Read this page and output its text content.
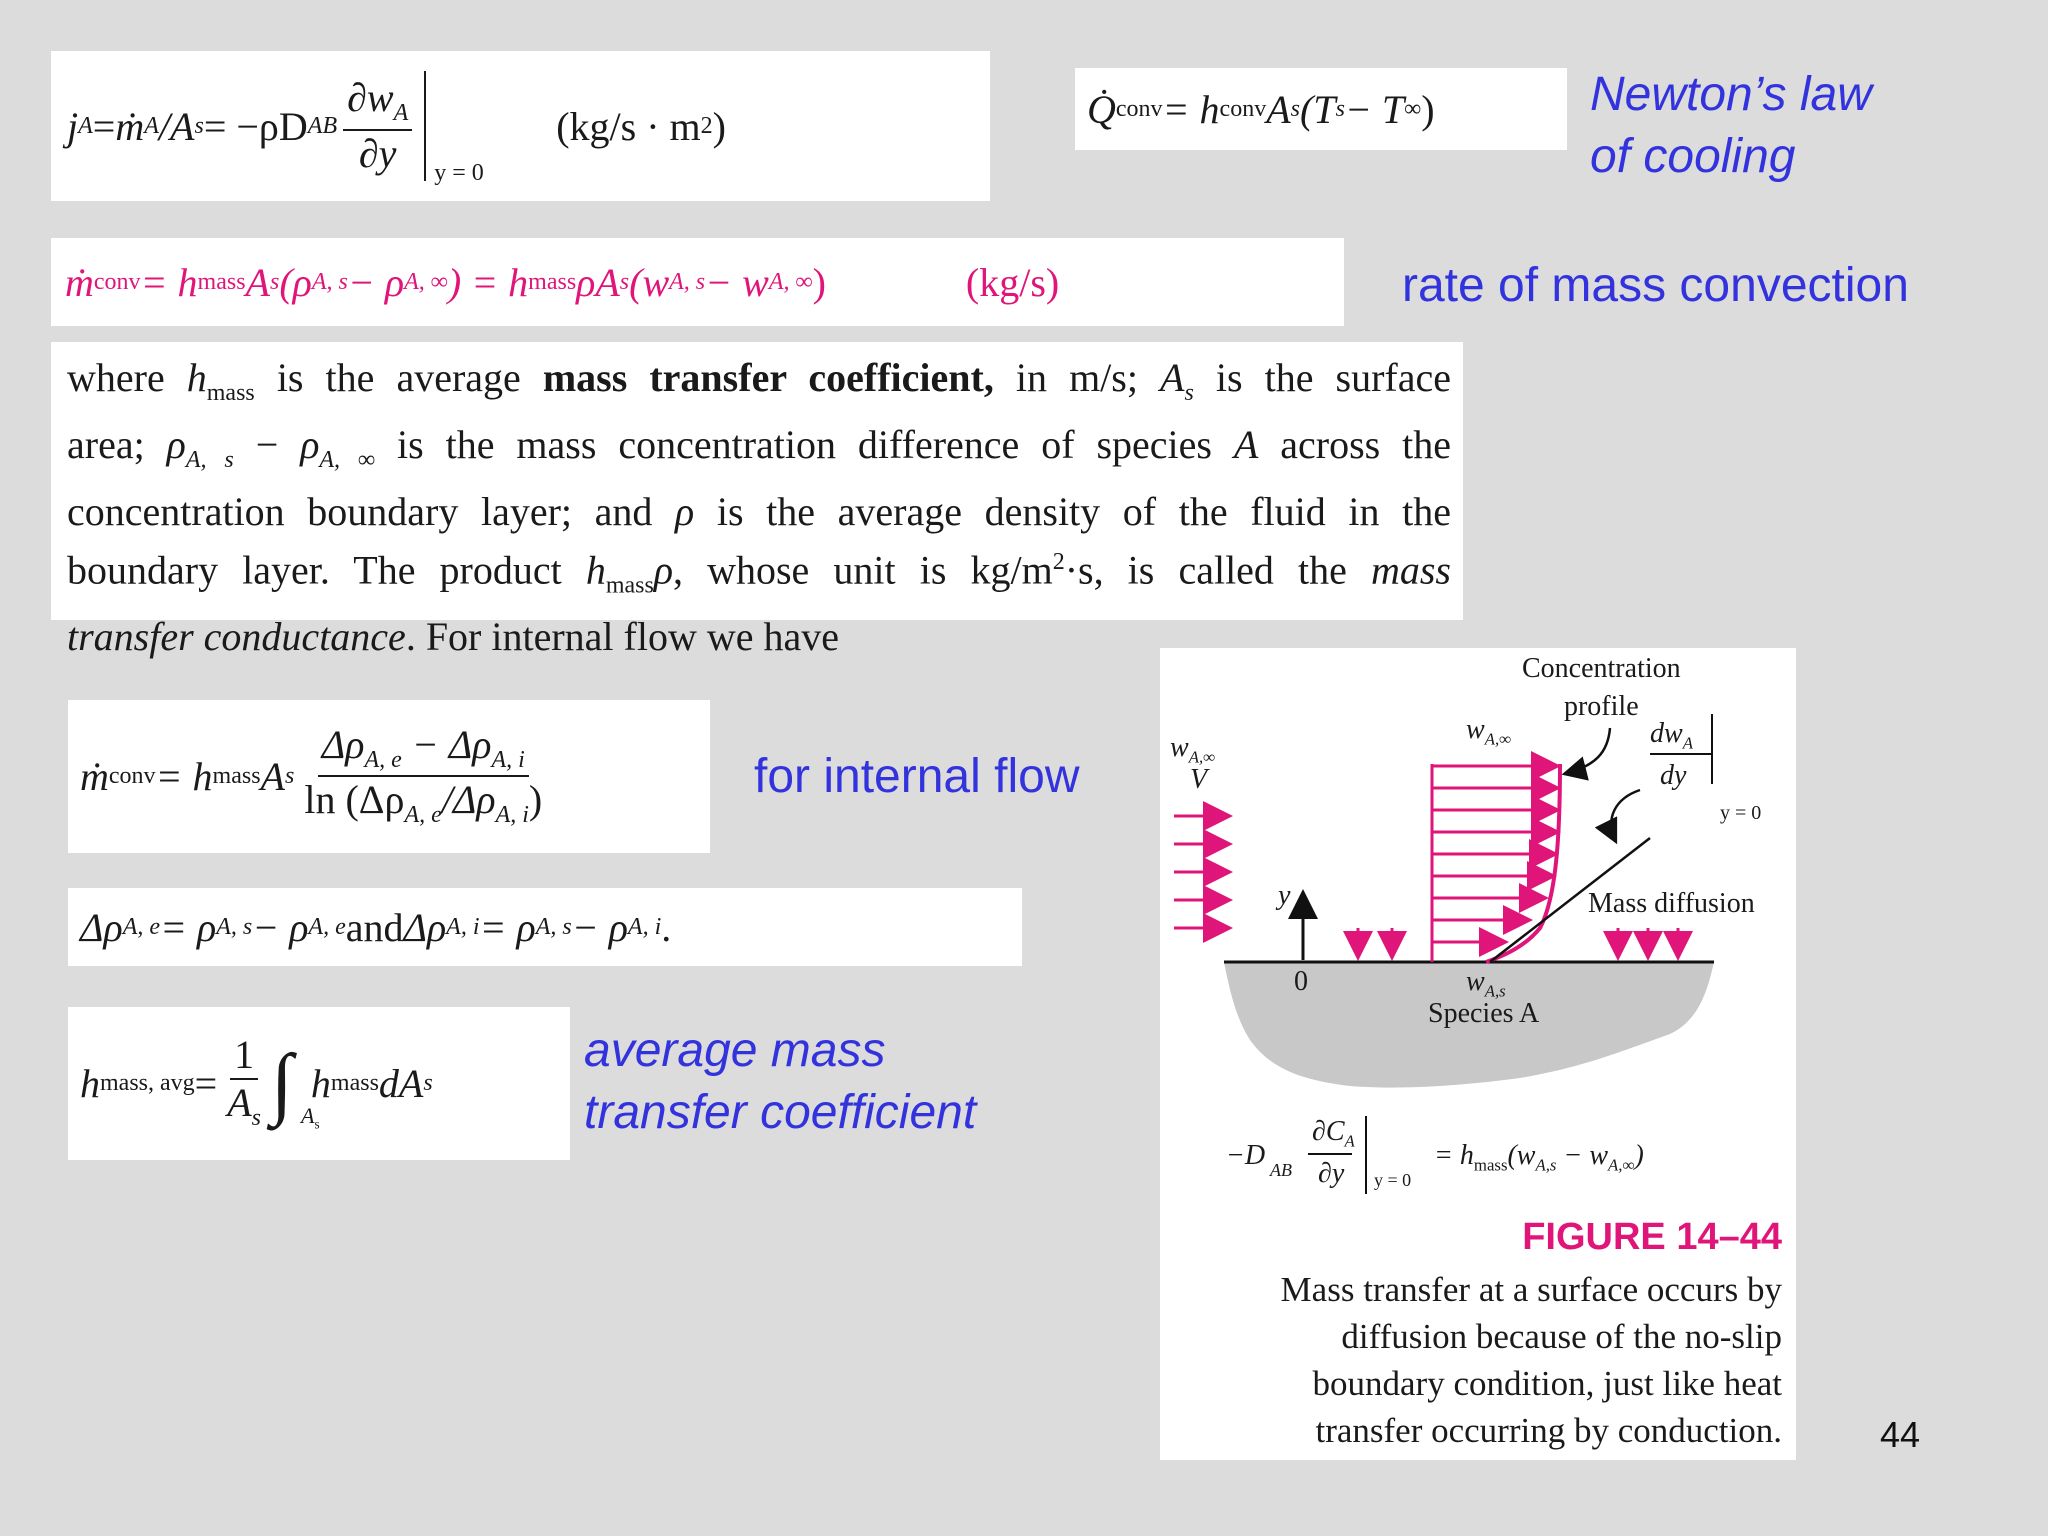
j A = ṁ A /A s = −ρD AB $\frac{\partial w_A}{\partial y}$ y = 0
(kg/s · m 2 )	Q̇ conv = h conv A s (T s − T ∞ )	Newton’s law
of cooling
ṁ conv = h mass A s (ρ A, s − ρ A, ∞ ) = h mass ρA s (w A, s − w A, ∞ )	(kg/s)	rate of mass convection
where $h_{mass}$ is the average mass transfer coefficient, in m/s; $A_s$ is the surface
area; $\rho_{A, s} - \rho_{A, \infty}$ is the mass concentration difference of species A across the
concentration boundary layer; and ρ is the average density of the fluid in the
boundary layer. The product $h_{mass}\rho$, whose unit is $kg/m^2\cdot s$, is called the mass
transfer conductance. For internal flow we have
ṁ conv = h mass A s $\frac{\Delta\rho_{A, e} - \Delta\rho_{A, i}}{\ln (\Delta\rho_{A, e}/\Delta\rho_{A, i})}$	for internal flow
Δρ A, e = ρ A, s − ρ A, e and Δρ A, i = ρ A, s − ρ A, i .
h mass, avg = $\frac{1}{A_s}$ ∫ $A_s$
h mass dA s
average mass
transfer coefficient
Concentration
profile
$w_{A,\infty}$
$w_{A,\infty}$
V
$dw_A$
dy
y = 0
y	Mass diffusion
0	$w_{A,s}$
Species A
−D AB
$\partial C_A$
∂y y = 0
= $h_{mass}(w_{A,s} - w_{A,\infty})$
FIGURE 14–44
Mass transfer at a surface occurs by
diffusion because of the no-slip
boundary condition, just like heat
transfer occurring by conduction.	44
